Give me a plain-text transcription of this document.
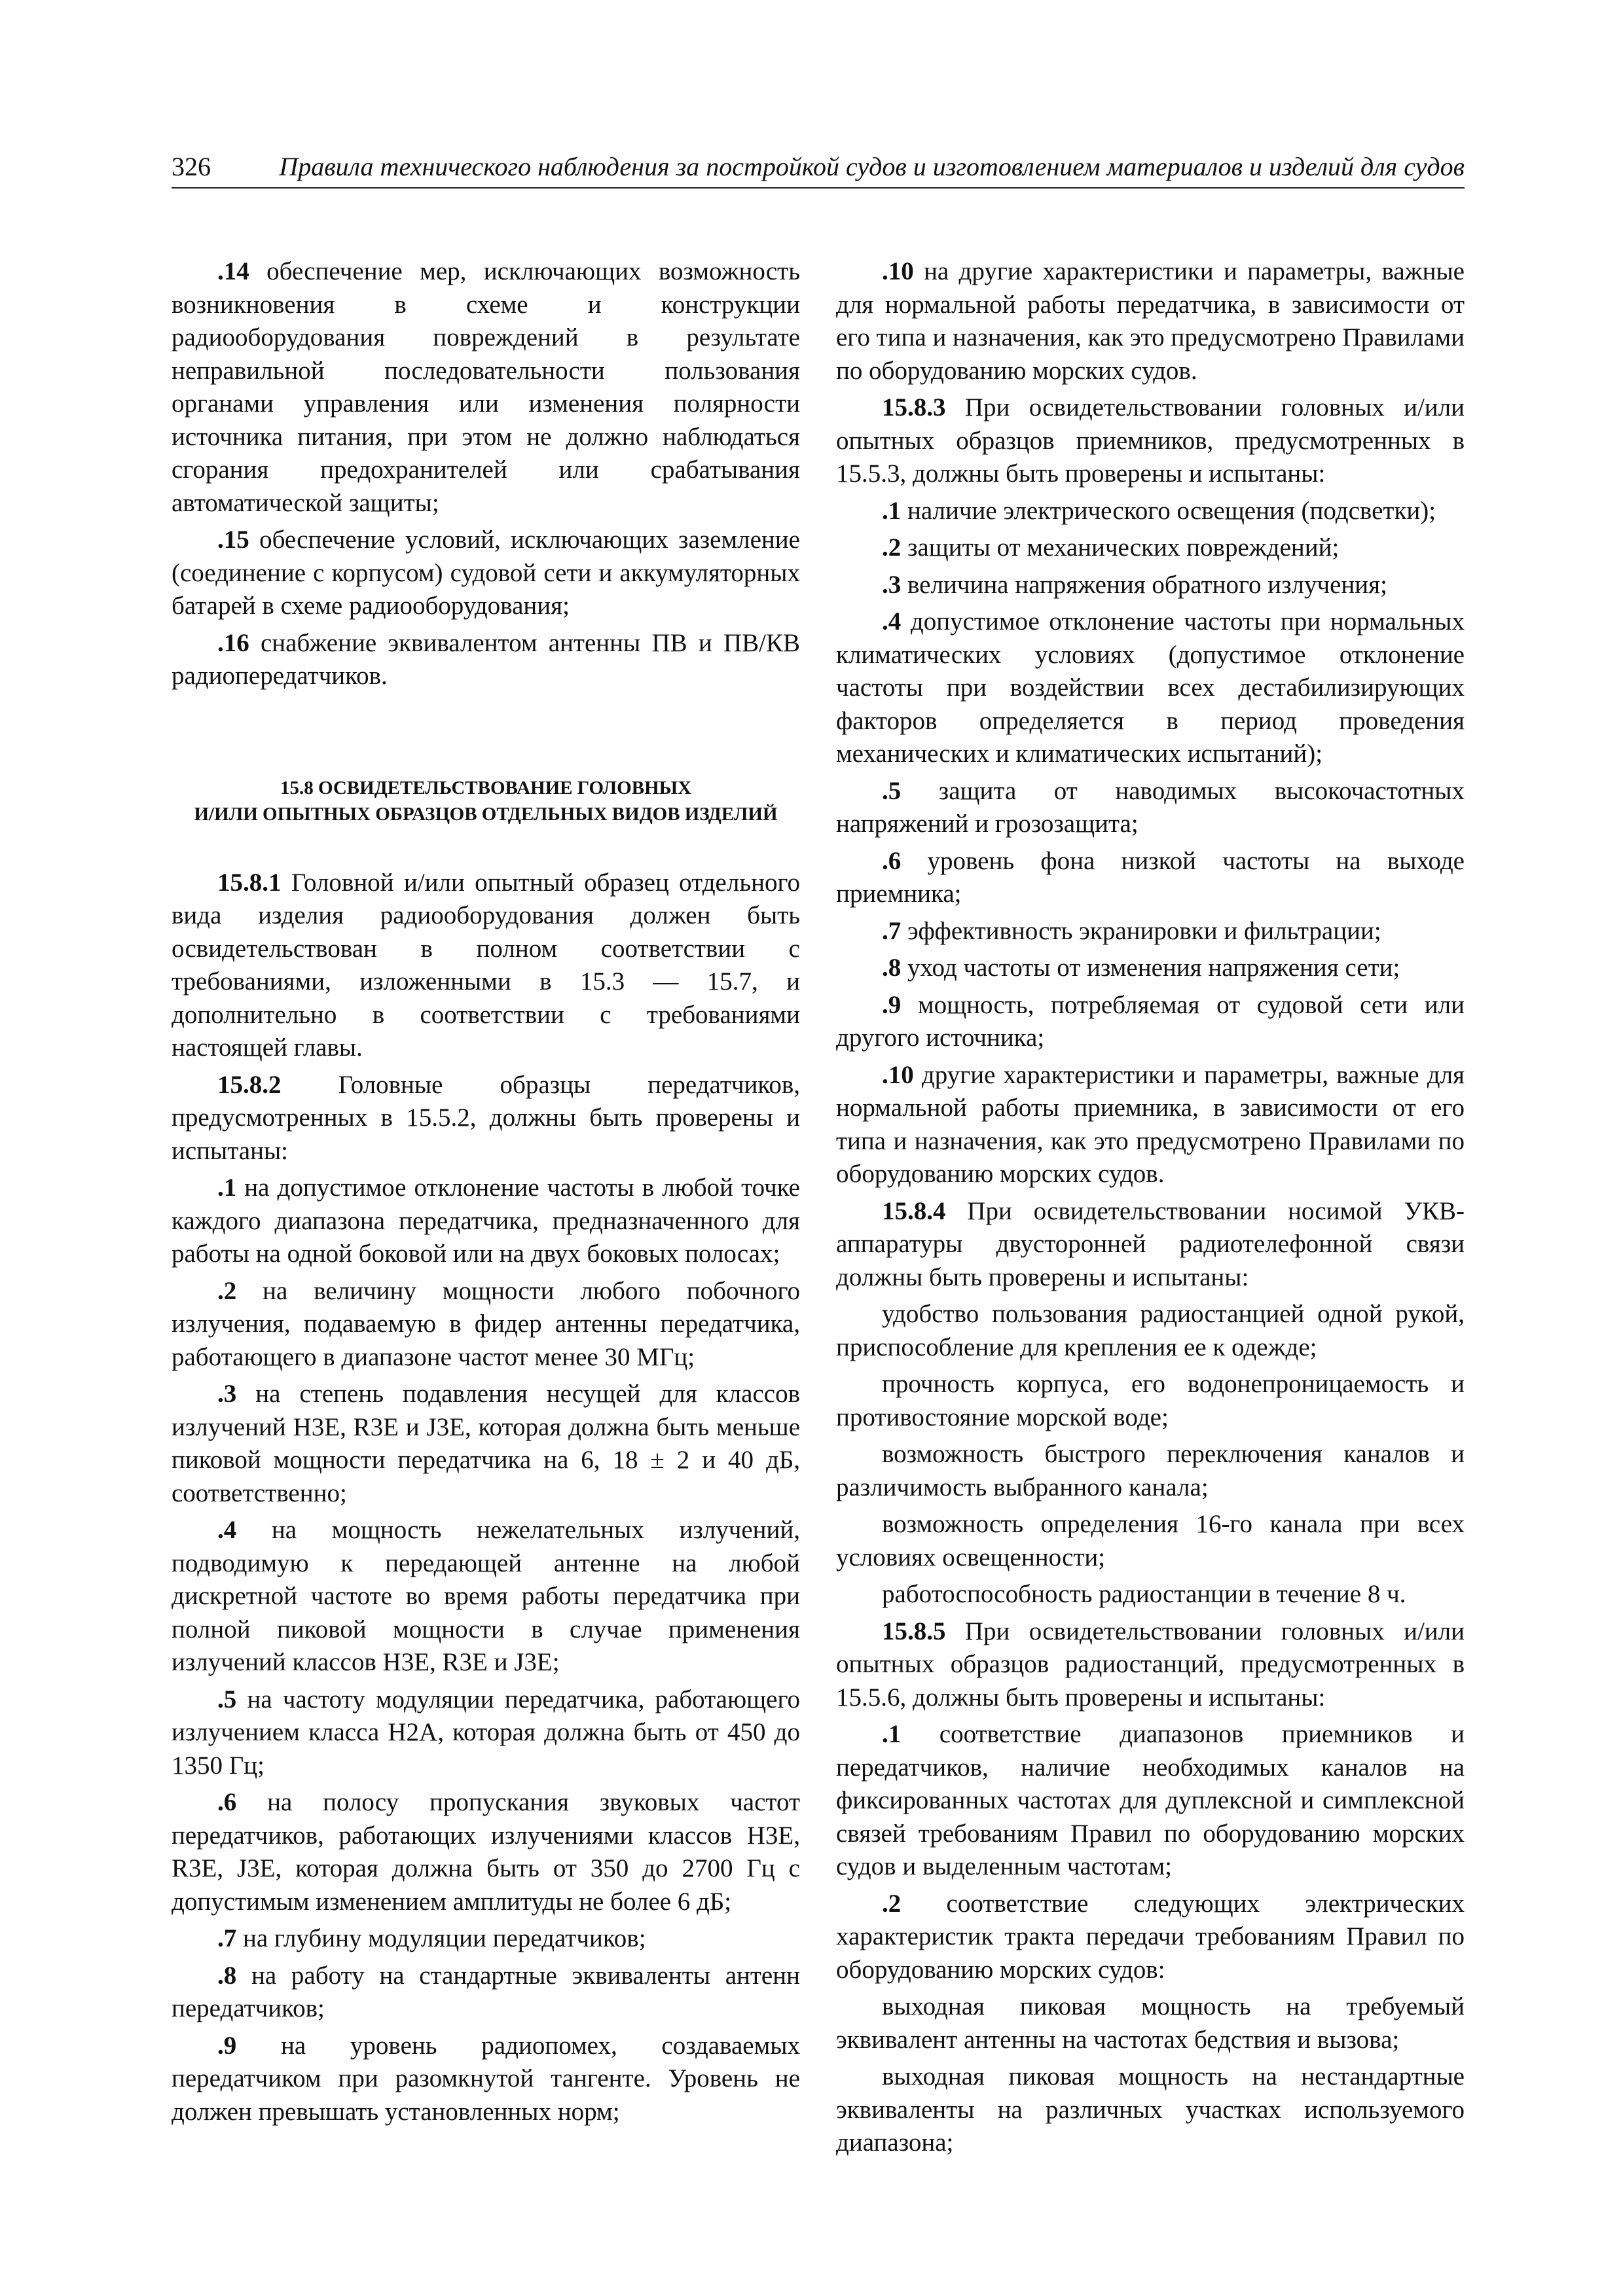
326	Правила технического наблюдения за постройкой судов и изготовлением материалов и изделий для судов

.14 обеспечение мер, исключающих возможность возникновения в схеме и конструкции радиооборудования повреждений в результате неправильной последовательности пользования органами управления или изменения полярности источника питания, при этом не должно наблюдаться сгорания предохранителей или срабатывания автоматической защиты;

.15 обеспечение условий, исключающих заземление (соединение с корпусом) судовой сети и аккумуляторных батарей в схеме радиооборудования;

.16 снабжение эквивалентом антенны ПВ и ПВ/КВ радиопередатчиков.

15.8 ОСВИДЕТЕЛЬСТВОВАНИЕ ГОЛОВНЫХ
И/ИЛИ ОПЫТНЫХ ОБРАЗЦОВ ОТДЕЛЬНЫХ ВИДОВ ИЗДЕЛИЙ

15.8.1 Головной и/или опытный образец отдельного вида изделия радиооборудования должен быть освидетельствован в полном соответствии с требованиями, изложенными в 15.3 — 15.7, и дополнительно в соответствии с требованиями настоящей главы.

15.8.2 Головные образцы передатчиков, предусмотренных в 15.5.2, должны быть проверены и испытаны:

.1 на допустимое отклонение частоты в любой точке каждого диапазона передатчика, предназначенного для работы на одной боковой или на двух боковых полосах;

.2 на величину мощности любого побочного излучения, подаваемую в фидер антенны передатчика, работающего в диапазоне частот менее 30 МГц;

.3 на степень подавления несущей для классов излучений H3E, R3E и J3E, которая должна быть меньше пиковой мощности передатчика на 6, 18 ± 2 и 40 дБ, соответственно;

.4 на мощность нежелательных излучений, подводимую к передающей антенне на любой дискретной частоте во время работы передатчика при полной пиковой мощности в случае применения излучений классов H3E, R3E и J3E;

.5 на частоту модуляции передатчика, работающего излучением класса H2A, которая должна быть от 450 до 1350 Гц;

.6 на полосу пропускания звуковых частот передатчиков, работающих излучениями классов H3E, R3E, J3E, которая должна быть от 350 до 2700 Гц с допустимым изменением амплитуды не более 6 дБ;

.7 на глубину модуляции передатчиков;

.8 на работу на стандартные эквиваленты антенн передатчиков;

.9 на уровень радиопомех, создаваемых передатчиком при разомкнутой тангенте. Уровень не должен превышать установленных норм;

.10 на другие характеристики и параметры, важные для нормальной работы передатчика, в зависимости от его типа и назначения, как это предусмотрено Правилами по оборудованию морских судов.

15.8.3 При освидетельствовании головных и/или опытных образцов приемников, предусмотренных в 15.5.3, должны быть проверены и испытаны:

.1 наличие электрического освещения (подсветки);

.2 защиты от механических повреждений;

.3 величина напряжения обратного излучения;

.4 допустимое отклонение частоты при нормальных климатических условиях (допустимое отклонение частоты при воздействии всех дестабилизирующих факторов определяется в период проведения механических и климатических испытаний);

.5 защита от наводимых высокочастотных напряжений и грозозащита;

.6 уровень фона низкой частоты на выходе приемника;

.7 эффективность экранировки и фильтрации;

.8 уход частоты от изменения напряжения сети;

.9 мощность, потребляемая от судовой сети или другого источника;

.10 другие характеристики и параметры, важные для нормальной работы приемника, в зависимости от его типа и назначения, как это предусмотрено Правилами по оборудованию морских судов.

15.8.4 При освидетельствовании носимой УКВ-аппаратуры двусторонней радиотелефонной связи должны быть проверены и испытаны:

удобство пользования радиостанцией одной рукой, приспособление для крепления ее к одежде;

прочность корпуса, его водонепроницаемость и противостояние морской воде;

возможность быстрого переключения каналов и различимость выбранного канала;

возможность определения 16-го канала при всех условиях освещенности;

работоспособность радиостанции в течение 8 ч.

15.8.5 При освидетельствовании головных и/или опытных образцов радиостанций, предусмотренных в 15.5.6, должны быть проверены и испытаны:

.1 соответствие диапазонов приемников и передатчиков, наличие необходимых каналов на фиксированных частотах для дуплексной и симплексной связей требованиям Правил по оборудованию морских судов и выделенным частотам;

.2 соответствие следующих электрических характеристик тракта передачи требованиям Правил по оборудованию морских судов:

выходная пиковая мощность на требуемый эквивалент антенны на частотах бедствия и вызова;

выходная пиковая мощность на нестандартные эквиваленты на различных участках используемого диапазона;
